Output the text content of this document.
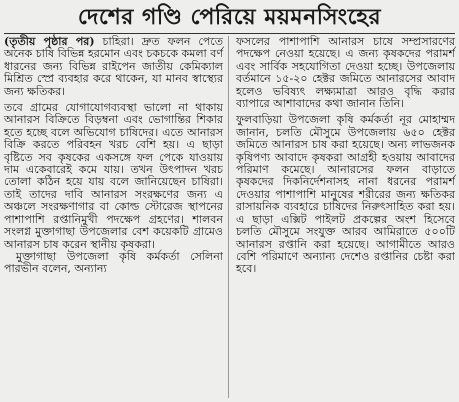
দেশের গণ্ডি পেরিয়ে ময়মনসিংহের

(তৃতীয় পৃষ্ঠার পর) চাহিরা। দ্রুত ফলন পেতে অনেক চাষি বিভিন্ন হরমোন এবং চকচকে কমলা বর্ণ ধারনের জন্য বিভিন্ন রাইপেন জাতীয় কেমিক্যাল মিশ্রিত স্প্রে ব্যবহার করে থাকেন, যা মানব স্বাস্থ্যের জন্য ক্ষতিকর।

তবে গ্রামের যোগাযোগব্যবস্থা ভালো না থাকায় আনারস বিক্রিতে বিড়ম্বনা এবং ভোগান্তির শিকার হতে হচ্ছে বলে অভিযোগ চাষিদের। এতে আনারস বিক্রি করতে পরিবহন খরচ বেশি হয়। এ ছাড়া বৃষ্টিতে সব কৃষকের একসঙ্গে ফল পেকে যাওয়ায় দাম একেবারেই কমে যায়। তখন উৎপাদন খরচ তোলা কঠিন হয়ে যায় বলে জানিয়েছেন চাষিরা। তাই তাদের দাবি আনারস সংরক্ষণের জন্য এ অঞ্চলে সংরক্ষণাগার বা কোল্ড স্টোরেজ স্থাপনের পাশাপাশি রপ্তানিমুখী পদক্ষেপ গ্রহণের। শালবন সংলগ্ন মুক্তাগাছা উপজেলার বেশ কয়েকটি গ্রামেও আনারস চাষ করেন স্থানীয় কৃষকরা।

মুক্তাগাছা উপজেলা কৃষি কর্মকর্তা সেলিনা পারভীন বলেন, অন্যান্য

ফসলের পাশাপাশি আনারস চাষে সম্প্রসারণের পদক্ষেপ নেওয়া হয়েছে। এ জন্য কৃষকদের পরামর্শ এবং সার্বিক সহযোগিতা দেওয়া হচ্ছে। উপজেলায় বর্তমানে ১৫-২০ হেক্টর জমিতে আনারসের আবাদ হলেও ভবিষ্যৎ লক্ষ্যমাত্রা আরও বৃদ্ধি করার ব্যাপারে আশাবাদের কথা জানান তিনি।

ফুলবাড়িয়া উপজেলা কৃষি কর্মকর্তা নূর মোহাম্মদ জানান, চলতি মৌসুমে উপজেলায় ৬৫০ হেক্টর জমিতে আনারস চাষ করা হয়েছে। অন্য লাভজনক কৃষিপণ্য আবাদে কৃষকরা আগ্রহী হওয়ায় আবাদের পরিমাণ কমেছে। আনারসের ফলন বাড়াতে কৃষকদের দিকনির্দেশনাসহ নানা ধরনের পরামর্শ দেওয়ার পাশাপাশি মানুষের শরীরের জন্য ক্ষতিকর রাসায়নিক ব্যবহারে চাষিদের নিরুৎসাহিত করা হয়। এ ছাড়া এক্সিট পাইলট প্রকল্পের অংশ হিসেবে চলতি মৌসুমে সংযুক্ত আরব আমিরাতে ৫০০টি আনারস রপ্তানি করা হয়েছে। আগামীতে আরও বেশি পরিমাণে অন্যান্য দেশেও রপ্তানির চেষ্টা করা হবে।
